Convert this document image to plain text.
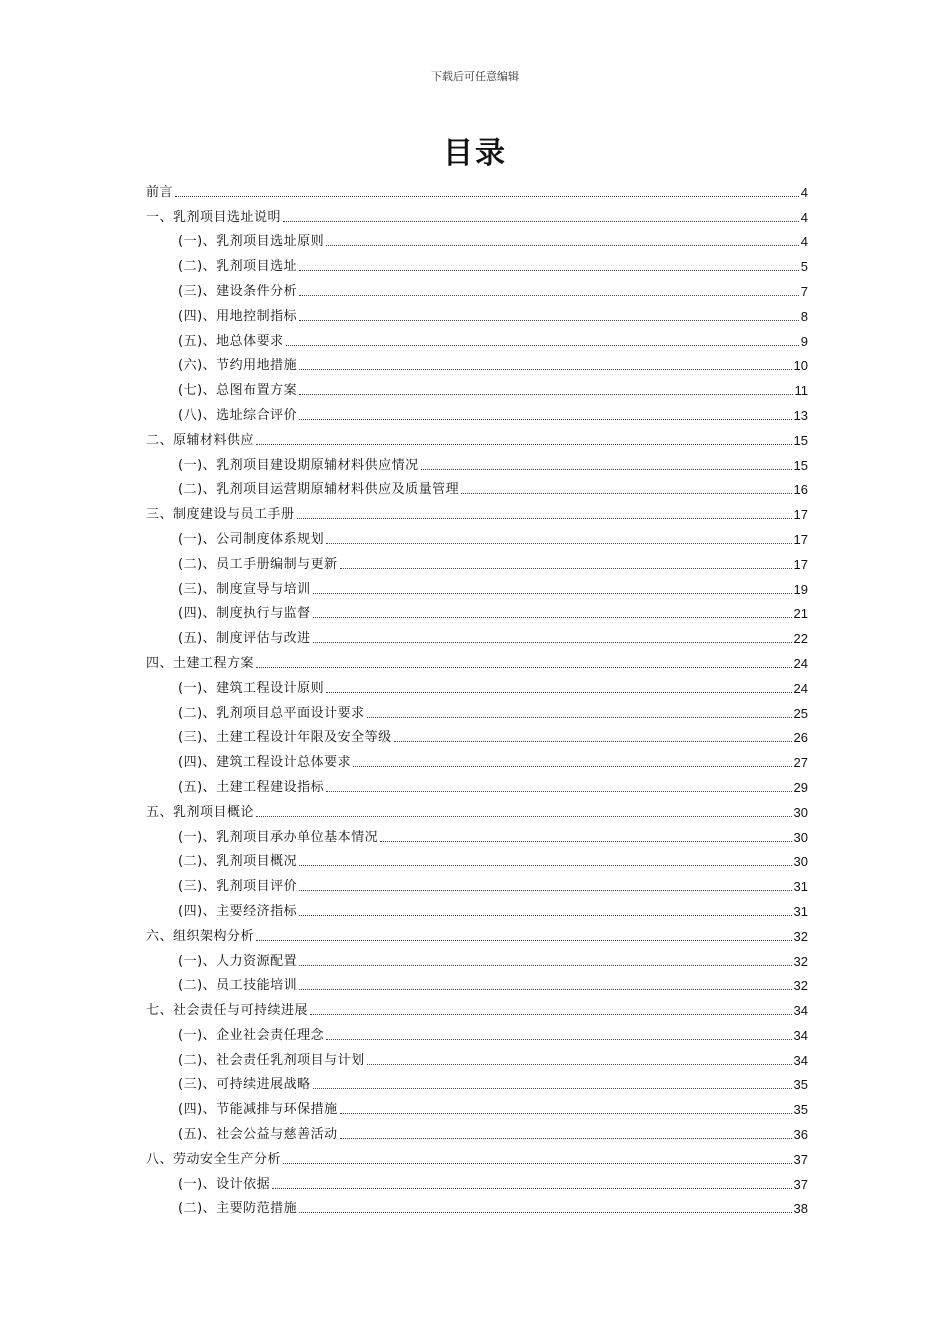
下载后可任意编辑
目录
前言	4
一、乳剂项目选址说明	4
(一)、乳剂项目选址原则	4
(二)、乳剂项目选址	5
(三)、建设条件分析	7
(四)、用地控制指标	8
(五)、地总体要求	9
(六)、节约用地措施	10
(七)、总图布置方案	11
(八)、选址综合评价	13
二、原辅材料供应	15
(一)、乳剂项目建设期原辅材料供应情况	15
(二)、乳剂项目运营期原辅材料供应及质量管理	16
三、制度建设与员工手册	17
(一)、公司制度体系规划	17
(二)、员工手册编制与更新	17
(三)、制度宣导与培训	19
(四)、制度执行与监督	21
(五)、制度评估与改进	22
四、土建工程方案	24
(一)、建筑工程设计原则	24
(二)、乳剂项目总平面设计要求	25
(三)、土建工程设计年限及安全等级	26
(四)、建筑工程设计总体要求	27
(五)、土建工程建设指标	29
五、乳剂项目概论	30
(一)、乳剂项目承办单位基本情况	30
(二)、乳剂项目概况	30
(三)、乳剂项目评价	31
(四)、主要经济指标	31
六、组织架构分析	32
(一)、人力资源配置	32
(二)、员工技能培训	32
七、社会责任与可持续进展	34
(一)、企业社会责任理念	34
(二)、社会责任乳剂项目与计划	34
(三)、可持续进展战略	35
(四)、节能减排与环保措施	35
(五)、社会公益与慈善活动	36
八、劳动安全生产分析	37
(一)、设计依据	37
(二)、主要防范措施	38
